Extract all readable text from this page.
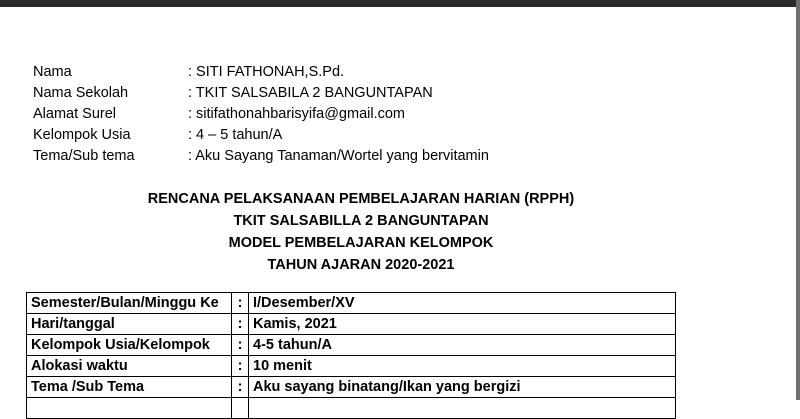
Nama	: SITI FATHONAH,S.Pd.
Nama Sekolah	: TKIT SALSABILA 2 BANGUNTAPAN
Alamat Surel	: sitifathonahbarisyifa@gmail.com
Kelompok Usia	: 4 – 5 tahun/A
Tema/Sub tema	: Aku Sayang Tanaman/Wortel yang bervitamin
RENCANA PELAKSANAAN PEMBELAJARAN HARIAN (RPPH)
TKIT SALSABILLA 2 BANGUNTAPAN
MODEL PEMBELAJARAN KELOMPOK
TAHUN AJARAN 2020-2021
Semester/Bulan/Minggu Ke	:	I/Desember/XV
Hari/tanggal	:	Kamis, 2021
Kelompok Usia/Kelompok	:	4-5 tahun/A
Alokasi waktu	:	10 menit
Tema /Sub Tema	:	Aku sayang binatang/Ikan yang bergizi
